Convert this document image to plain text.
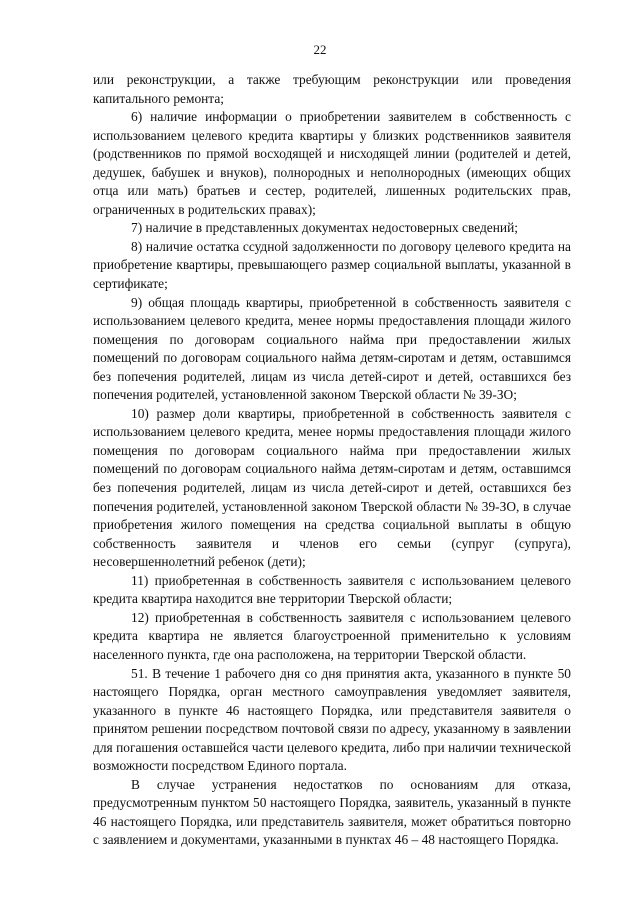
22

или реконструкции, а также требующим реконструкции или проведения капитального ремонта;

6) наличие информации о приобретении заявителем в собственность с использованием целевого кредита квартиры у близких родственников заявителя (родственников по прямой восходящей и нисходящей линии (родителей и детей, дедушек, бабушек и внуков), полнородных и неполнородных (имеющих общих отца или мать) братьев и сестер, родителей, лишенных родительских прав, ограниченных в родительских правах);

7) наличие в представленных документах недостоверных сведений;

8) наличие остатка ссудной задолженности по договору целевого кредита на приобретение квартиры, превышающего размер социальной выплаты, указанной в сертификате;

9) общая площадь квартиры, приобретенной в собственность заявителя с использованием целевого кредита, менее нормы предоставления площади жилого помещения по договорам социального найма при предоставлении жилых помещений по договорам социального найма детям-сиротам и детям, оставшимся без попечения родителей, лицам из числа детей-сирот и детей, оставшихся без попечения родителей, установленной законом Тверской области № 39-ЗО;

10) размер доли квартиры, приобретенной в собственность заявителя с использованием целевого кредита, менее нормы предоставления площади жилого помещения по договорам социального найма при предоставлении жилых помещений по договорам социального найма детям-сиротам и детям, оставшимся без попечения родителей, лицам из числа детей-сирот и детей, оставшихся без попечения родителей, установленной законом Тверской области № 39-ЗО, в случае приобретения жилого помещения на средства социальной выплаты в общую собственность заявителя и членов его семьи (супруг (супруга), несовершеннолетний ребенок (дети);

11) приобретенная в собственность заявителя с использованием целевого кредита квартира находится вне территории Тверской области;

12) приобретенная в собственность заявителя с использованием целевого кредита квартира не является благоустроенной применительно к условиям населенного пункта, где она расположена, на территории Тверской области.

51. В течение 1 рабочего дня со дня принятия акта, указанного в пункте 50 настоящего Порядка, орган местного самоуправления уведомляет заявителя, указанного в пункте 46 настоящего Порядка, или представителя заявителя о принятом решении посредством почтовой связи по адресу, указанному в заявлении для погашения оставшейся части целевого кредита, либо при наличии технической возможности посредством Единого портала.

В случае устранения недостатков по основаниям для отказа, предусмотренным пунктом 50 настоящего Порядка, заявитель, указанный в пункте 46 настоящего Порядка, или представитель заявителя, может обратиться повторно с заявлением и документами, указанными в пунктах 46 – 48 настоящего Порядка.
